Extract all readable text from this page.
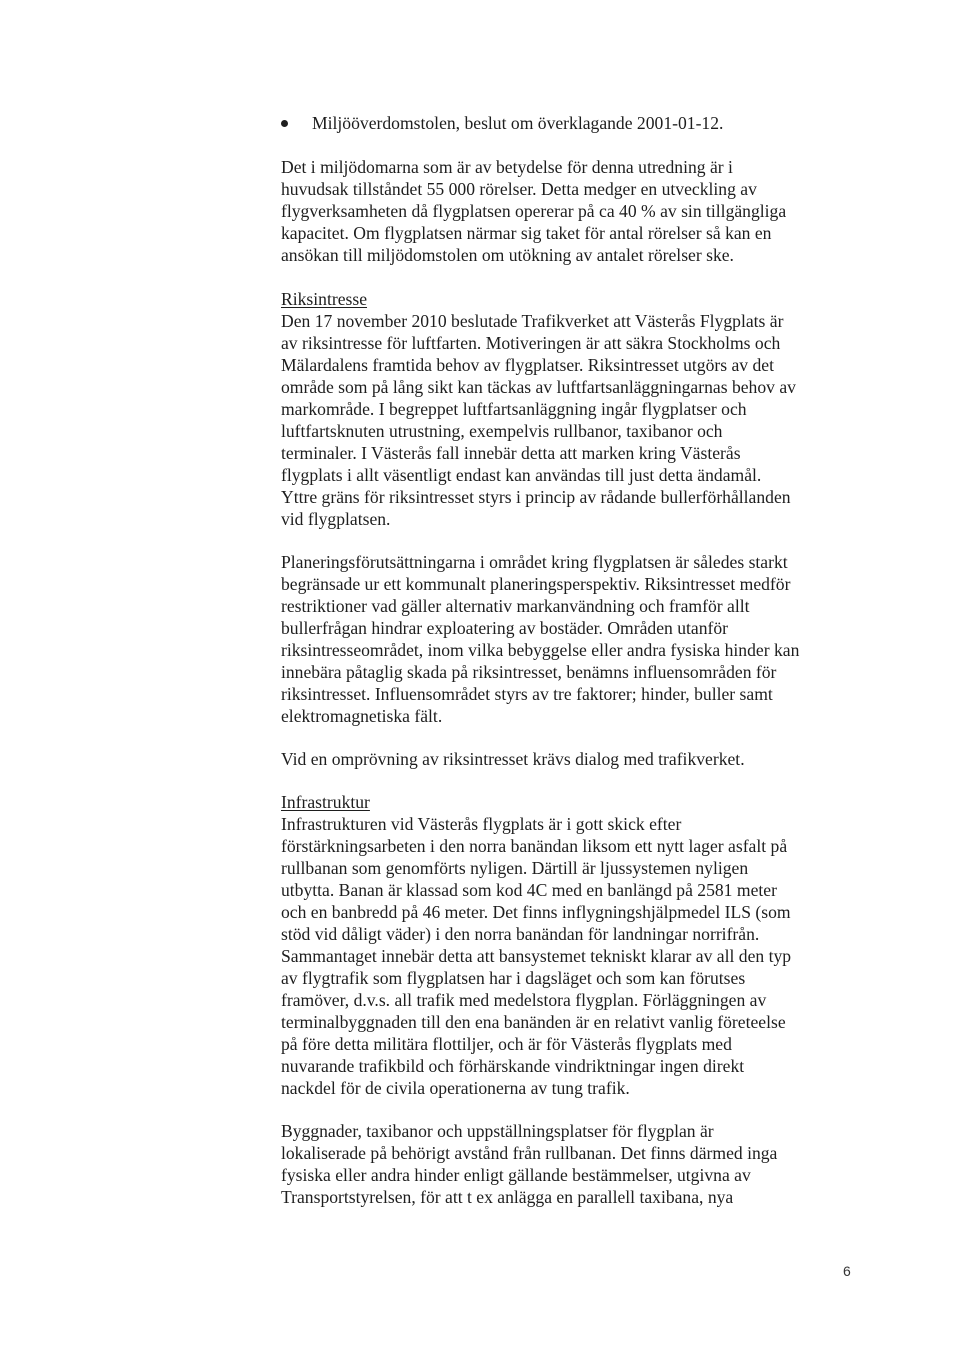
Miljööverdomstolen, beslut om överklagande 2001-01-12.

Det i miljödomarna som är av betydelse för denna utredning är i

huvudsak tillståndet 55 000 rörelser. Detta medger en utveckling av

flygverksamheten då flygplatsen opererar på ca 40 % av sin tillgängliga

kapacitet. Om flygplatsen närmar sig taket för antal rörelser så kan en

ansökan till miljödomstolen om utökning av antalet rörelser ske.

Riksintresse

Den 17 november 2010 beslutade Trafikverket att Västerås Flygplats är

av riksintresse för luftfarten. Motiveringen är att säkra Stockholms och

Mälardalens framtida behov av flygplatser. Riksintresset utgörs av det

område som på lång sikt kan täckas av luftfartsanläggningarnas behov av

markområde. I begreppet luftfartsanläggning ingår flygplatser och

luftfartsknuten utrustning, exempelvis rullbanor, taxibanor och

terminaler. I Västerås fall innebär detta att marken kring Västerås

flygplats i allt väsentligt endast kan användas till just detta ändamål.

Yttre gräns för riksintresset styrs i princip av rådande bullerförhållanden

vid flygplatsen.

Planeringsförutsättningarna i området kring flygplatsen är således starkt

begränsade ur ett kommunalt planeringsperspektiv. Riksintresset medför

restriktioner vad gäller alternativ markanvändning och framför allt

bullerfrågan hindrar exploatering av bostäder. Områden utanför

riksintresseområdet, inom vilka bebyggelse eller andra fysiska hinder kan

innebära påtaglig skada på riksintresset, benämns influensområden för

riksintresset. Influensområdet styrs av tre faktorer; hinder, buller samt

elektromagnetiska fält.

Vid en omprövning av riksintresset krävs dialog med trafikverket.

Infrastruktur

Infrastrukturen vid Västerås flygplats är i gott skick efter

förstärkningsarbeten i den norra banändan liksom ett nytt lager asfalt på

rullbanan som genomförts nyligen. Därtill är ljussystemen nyligen

utbytta. Banan är klassad som kod 4C med en banlängd på 2581 meter

och en banbredd på 46 meter. Det finns inflygningshjälpmedel ILS (som

stöd vid dåligt väder) i den norra banändan för landningar norrifrån.

Sammantaget innebär detta att bansystemet tekniskt klarar av all den typ

av flygtrafik som flygplatsen har i dagsläget och som kan förutses

framöver, d.v.s. all trafik med medelstora flygplan. Förläggningen av

terminalbyggnaden till den ena banänden är en relativt vanlig företeelse

på före detta militära flottiljer, och är för Västerås flygplats med

nuvarande trafikbild och förhärskande vindriktningar ingen direkt

nackdel för de civila operationerna av tung trafik.

Byggnader, taxibanor och uppställningsplatser för flygplan är

lokaliserade på behörigt avstånd från rullbanan. Det finns därmed inga

fysiska eller andra hinder enligt gällande bestämmelser, utgivna av

Transportstyrelsen, för att t ex anlägga en parallell taxibana, nya

6
